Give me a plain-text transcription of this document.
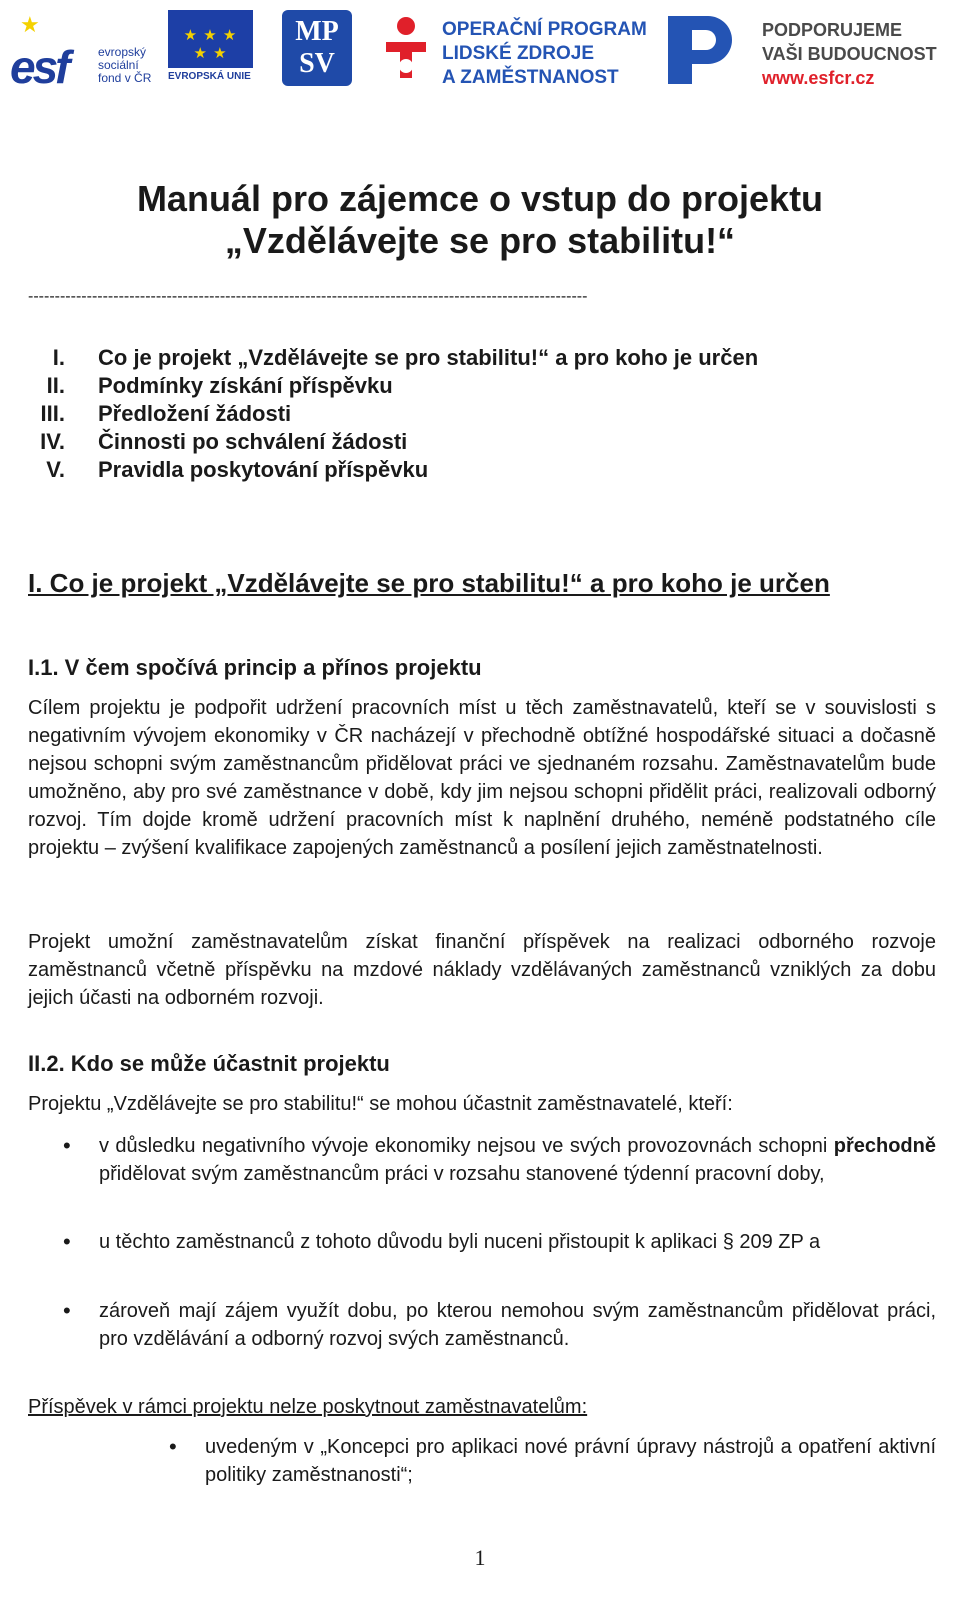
★
esf	evropský sociální fond v ČR
★ ★ ★
★ ★
EVROPSKÁ UNIE
MP SV
OPERAČNÍ PROGRAM
LIDSKÉ ZDROJE
A ZAMĚSTNANOST
PODPORUJEME
VAŠI BUDOUCNOST
www.esfcr.cz
Manuál pro zájemce o vstup do projektu
„Vzdělávejte se pro stabilitu!“
---------------------------------------------------------------------------------------------------------
I. Co je projekt „Vzdělávejte se pro stabilitu!“ a pro koho je určen
II. Podmínky získání příspěvku
III. Předložení žádosti
IV. Činnosti po schválení žádosti
V. Pravidla poskytování příspěvku
I. Co je projekt „Vzdělávejte se pro stabilitu!“ a pro koho je určen
I.1. V čem spočívá princip a přínos projektu
Cílem projektu je podpořit udržení pracovních míst u těch zaměstnavatelů, kteří se v souvislosti s negativním vývojem ekonomiky v ČR nacházejí v přechodně obtížné hospodářské situaci a dočasně nejsou schopni svým zaměstnancům přidělovat práci ve sjednaném rozsahu. Zaměstnavatelům bude umožněno, aby pro své zaměstnance v době, kdy jim nejsou schopni přidělit práci, realizovali odborný rozvoj. Tím dojde kromě udržení pracovních míst k naplnění druhého, neméně podstatného cíle projektu – zvýšení kvalifikace zapojených zaměstnanců a posílení jejich zaměstnatelnosti.
Projekt umožní zaměstnavatelům získat finanční příspěvek na realizaci odborného rozvoje zaměstnanců včetně příspěvku na mzdové náklady vzdělávaných zaměstnanců vzniklých za dobu jejich účasti na odborném rozvoji.
II.2. Kdo se může účastnit projektu
Projektu „Vzdělávejte se pro stabilitu!“ se mohou účastnit zaměstnavatelé, kteří:
• v důsledku negativního vývoje ekonomiky nejsou ve svých provozovnách schopni přechodně přidělovat svým zaměstnancům práci v rozsahu stanovené týdenní pracovní doby,
• u těchto zaměstnanců z tohoto důvodu byli nuceni přistoupit k aplikaci § 209 ZP a
• zároveň mají zájem využít dobu, po kterou nemohou svým zaměstnancům přidělovat práci, pro vzdělávání a odborný rozvoj svých zaměstnanců.
Příspěvek v rámci projektu nelze poskytnout zaměstnavatelům:
• uvedeným v „Koncepci pro aplikaci nové právní úpravy nástrojů a opatření aktivní politiky zaměstnanosti“;
1
